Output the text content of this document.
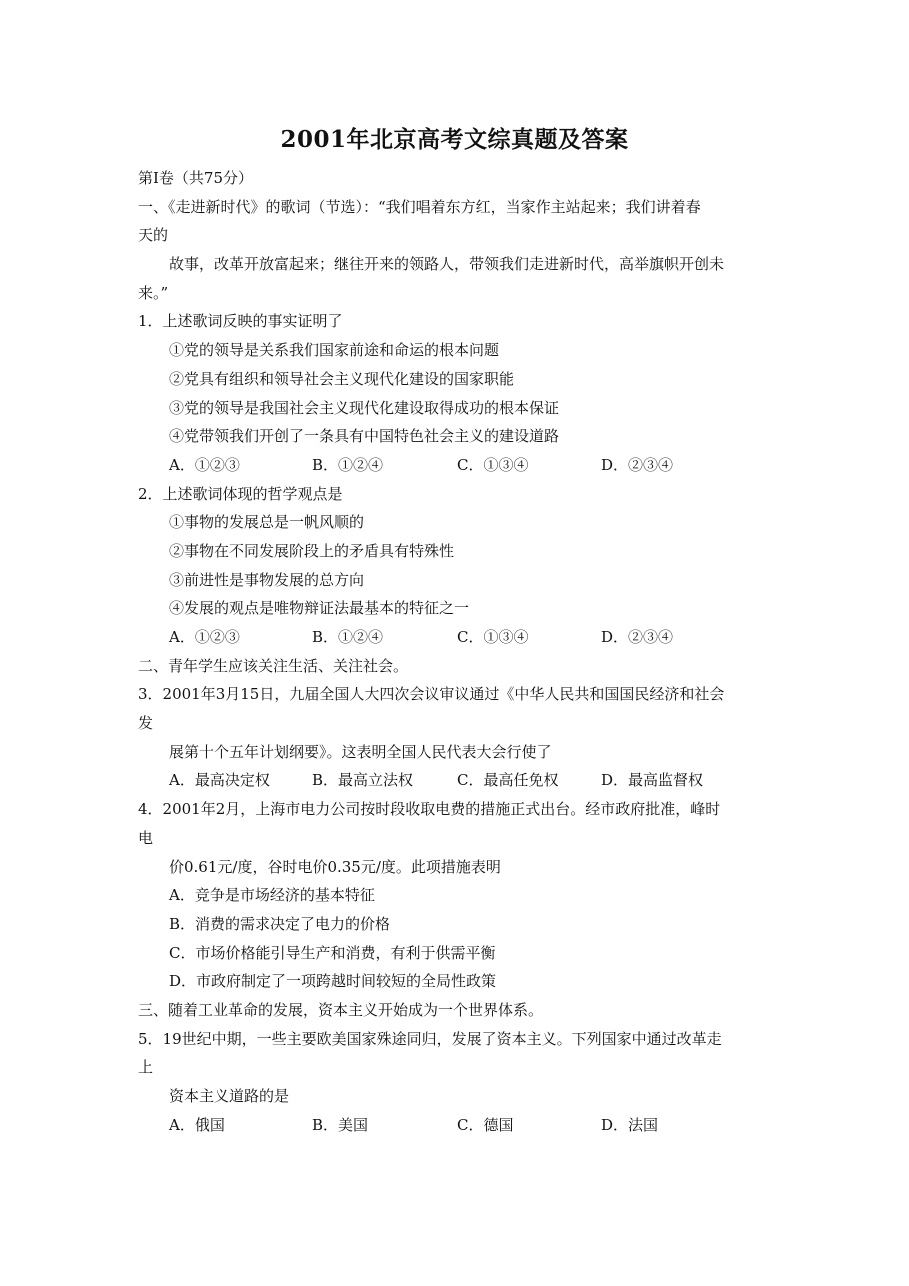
2001年北京高考文综真题及答案
第Ⅰ卷（共75分）
一、《走进新时代》的歌词（节选）：“我们唱着东方红，当家作主站起来；我们讲着春
天的
故事，改革开放富起来；继往开来的领路人，带领我们走进新时代，高举旗帜开创未
来。”
1．上述歌词反映的事实证明了
①党的领导是关系我们国家前途和命运的根本问题
②党具有组织和领导社会主义现代化建设的国家职能
③党的领导是我国社会主义现代化建设取得成功的根本保证
④党带领我们开创了一条具有中国特色社会主义的建设道路
A．①②③	B．①②④	C．①③④	D．②③④
2．上述歌词体现的哲学观点是
①事物的发展总是一帆风顺的
②事物在不同发展阶段上的矛盾具有特殊性
③前进性是事物发展的总方向
④发展的观点是唯物辩证法最基本的特征之一
A．①②③	B．①②④	C．①③④	D．②③④
二、青年学生应该关注生活、关注社会。
3．2001年3月15日，九届全国人大四次会议审议通过《中华人民共和国国民经济和社会
发
展第十个五年计划纲要》。这表明全国人民代表大会行使了
A．最高决定权	B．最高立法权	C．最高任免权	D．最高监督权
4．2001年2月，上海市电力公司按时段收取电费的措施正式出台。经市政府批准，峰时
电
价0.61元/度，谷时电价0.35元/度。此项措施表明
A．竞争是市场经济的基本特征
B．消费的需求决定了电力的价格
C．市场价格能引导生产和消费，有利于供需平衡
D．市政府制定了一项跨越时间较短的全局性政策
三、随着工业革命的发展，资本主义开始成为一个世界体系。
5．19世纪中期，一些主要欧美国家殊途同归，发展了资本主义。下列国家中通过改革走
上
资本主义道路的是
A．俄国	B．美国	C．德国	D．法国
